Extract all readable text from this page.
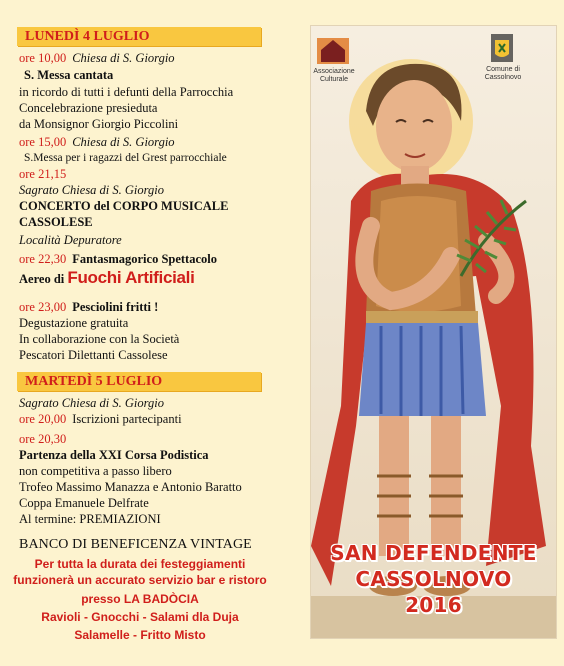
LUNEDÌ 4 LUGLIO
ore 10,00 Chiesa di S. Giorgio
S. Messa cantata
in ricordo di tutti i defunti della Parrocchia
Concelebrazione presieduta
da Monsignor Giorgio Piccolini
ore 15,00 Chiesa di S. Giorgio
S.Messa per i ragazzi del Grest parrocchiale
ore 21,15
Sagrato Chiesa di S. Giorgio
CONCERTO del CORPO MUSICALE
CASSOLESE
Località Depuratore
ore 22,30 Fantasmagorico Spettacolo
Aereo di Fuochi Artificiali
ore 23,00 Pesciolini fritti !
Degustazione gratuita
In collaborazione con la Società
Pescatori Dilettanti Cassolese
MARTEDÌ 5 LUGLIO
Sagrato Chiesa di S. Giorgio
ore 20,00 Iscrizioni partecipanti
ore 20,30
Partenza della XXI Corsa Podistica
non competitiva a passo libero
Trofeo Massimo Manazza e Antonio Baratto
Coppa Emanuele Delfrate
Al termine: PREMIAZIONI
BANCO DI BENEFICENZA VINTAGE
Per tutta la durata dei festeggiamenti
funzionerà un accurato servizio bar e ristoro
presso LA BADÒCIA
Ravioli - Gnocchi - Salami dla Duja
Salamelle - Fritto Misto
Associazione Culturale
Comune di Cassolnovo
SAN DEFENDENTE
CASSOLNOVO
2016
